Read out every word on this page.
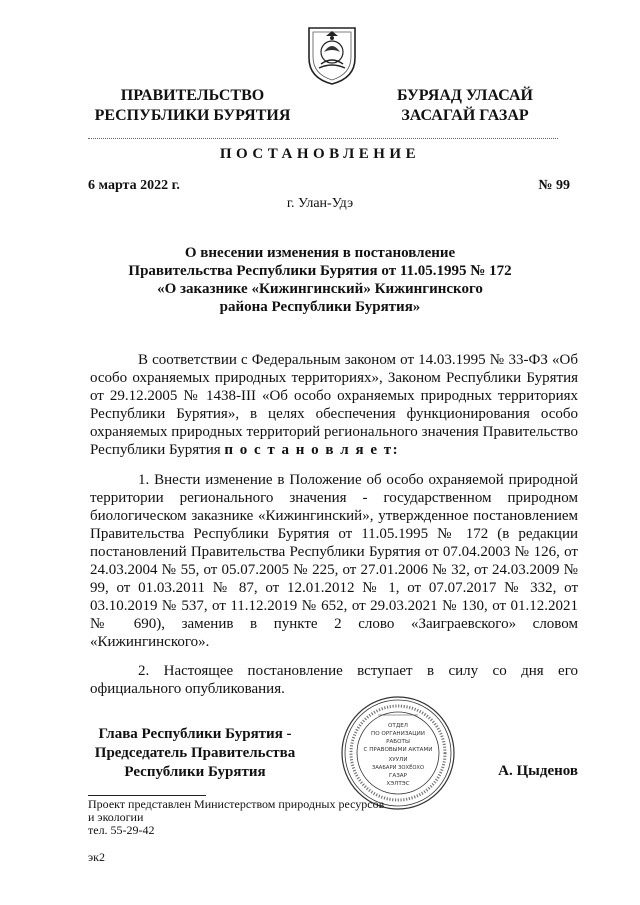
ПРАВИТЕЛЬСТВО
РЕСПУБЛИКИ БУРЯТИЯ
БУРЯАД УЛАСАЙ
ЗАСАГАЙ ГАЗАР
ПОСТАНОВЛЕНИЕ
6 марта 2022 г.	№ 99
г. Улан-Удэ
О внесении изменения в постановление
Правительства Республики Бурятия от 11.05.1995 № 172
«О заказнике «Кижингинский» Кижингинского
района Республики Бурятия»
В соответствии с Федеральным законом от 14.03.1995 № 33-ФЗ «Об особо охраняемых природных территориях», Законом Республики Бурятия от 29.12.2005 № 1438-III «Об особо охраняемых природных территориях Республики Бурятия», в целях обеспечения функционирования особо охраняемых природных территорий регионального значения Правительство Республики Бурятия п о с т а н о в л я е т:
1. Внести изменение в Положение об особо охраняемой природной территории регионального значения - государственном природном биологическом заказнике «Кижингинский», утвержденное постановлением Правительства Республики Бурятия от 11.05.1995 № 172 (в редакции постановлений Правительства Республики Бурятия от 07.04.2003 № 126, от 24.03.2004 № 55, от 05.07.2005 № 225, от 27.01.2006 № 32, от 24.03.2009 № 99, от 01.03.2011 № 87, от 12.01.2012 № 1, от 07.07.2017 № 332, от 03.10.2019 № 537, от 11.12.2019 № 652, от 29.03.2021 № 130, от 01.12.2021 № 690), заменив в пункте 2 слово «Заиграевского» словом «Кижингинского».
2. Настоящее постановление вступает в силу со дня его официального опубликования.
Глава Республики Бурятия -
Председатель Правительства
Республики Бурятия	А. Цыденов
ОТДЕЛ
ПО ОРГАНИЗАЦИИ
РАБОТЫ
С ПРАВОВЫМИ АКТАМИ
ХУУЛИ
ЗААБАРИ ЗОХЁОХО
ГАЗАР
ХЭЛТЭС
Проект представлен Министерством природных ресурсов
и экологии
тел. 55-29-42
эк2
